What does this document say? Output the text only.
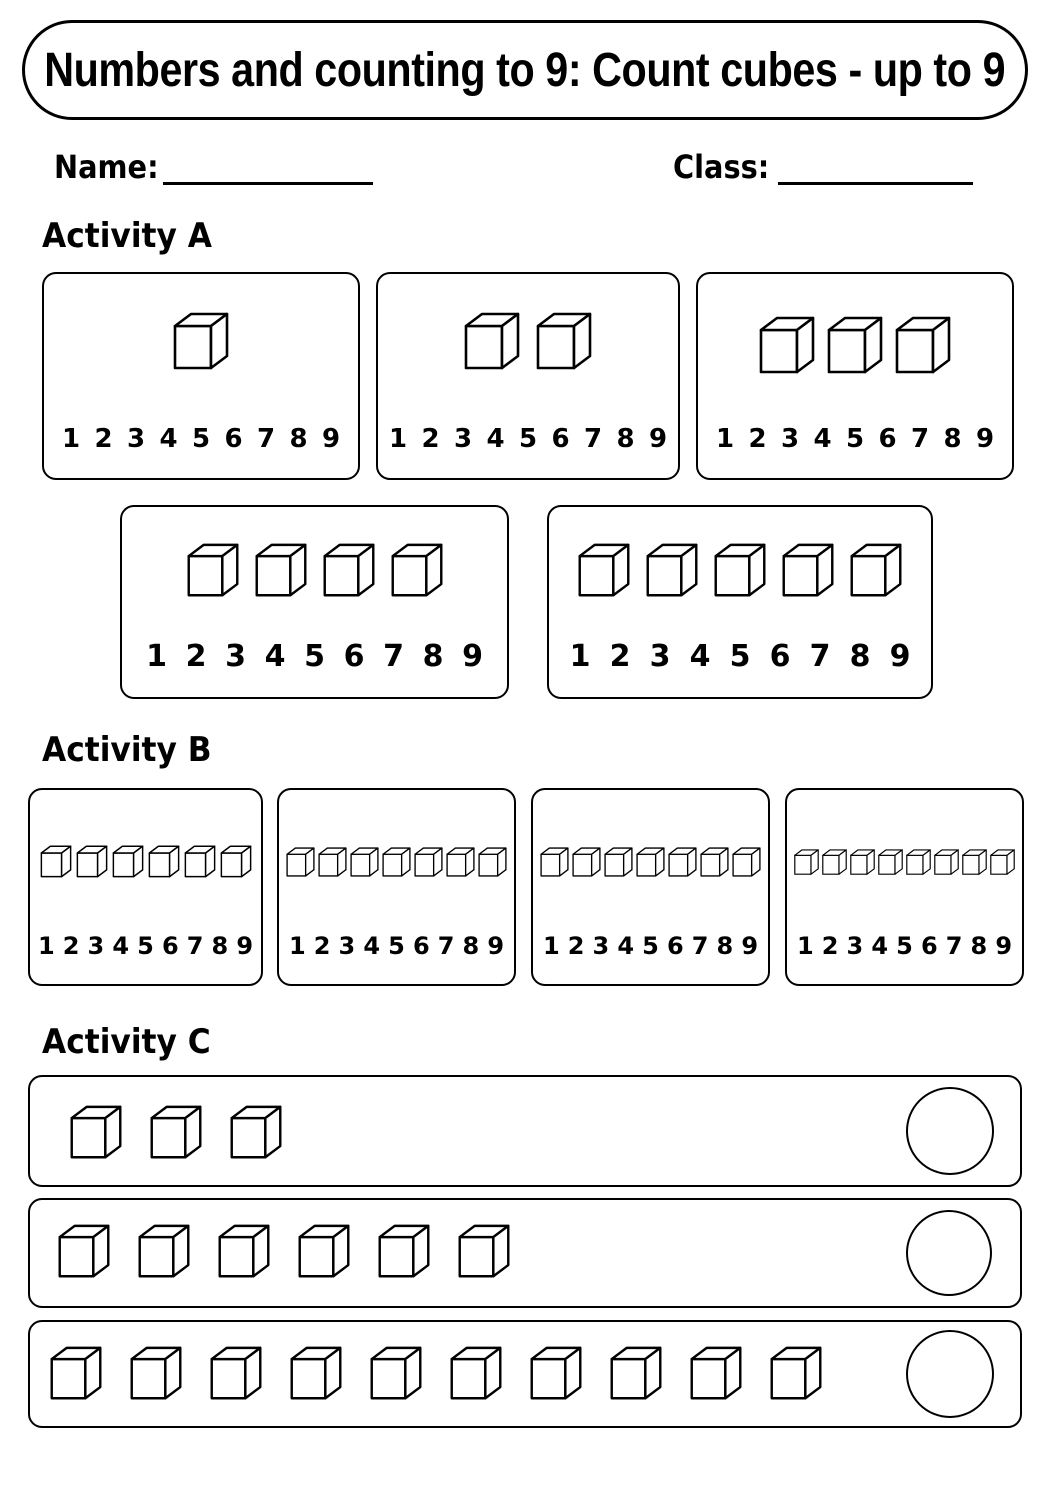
Numbers and counting to 9: Count cubes - up to 9
Name:	Class:
Activity A
Activity B
Activity C
1 2 3 4 5 6 7 8 9 1 2 3 4 5 6 7 8 9 1 2 3 4 5 6 7 8 9
1 2 3 4 5 6 7 8 9	1 2 3 4 5 6 7 8 9
1 2 3 4 5 6 7 8 9 1 2 3 4 5 6 7 8 9 1 2 3 4 5 6 7 8 9 1 2 3 4 5 6 7 8 9
